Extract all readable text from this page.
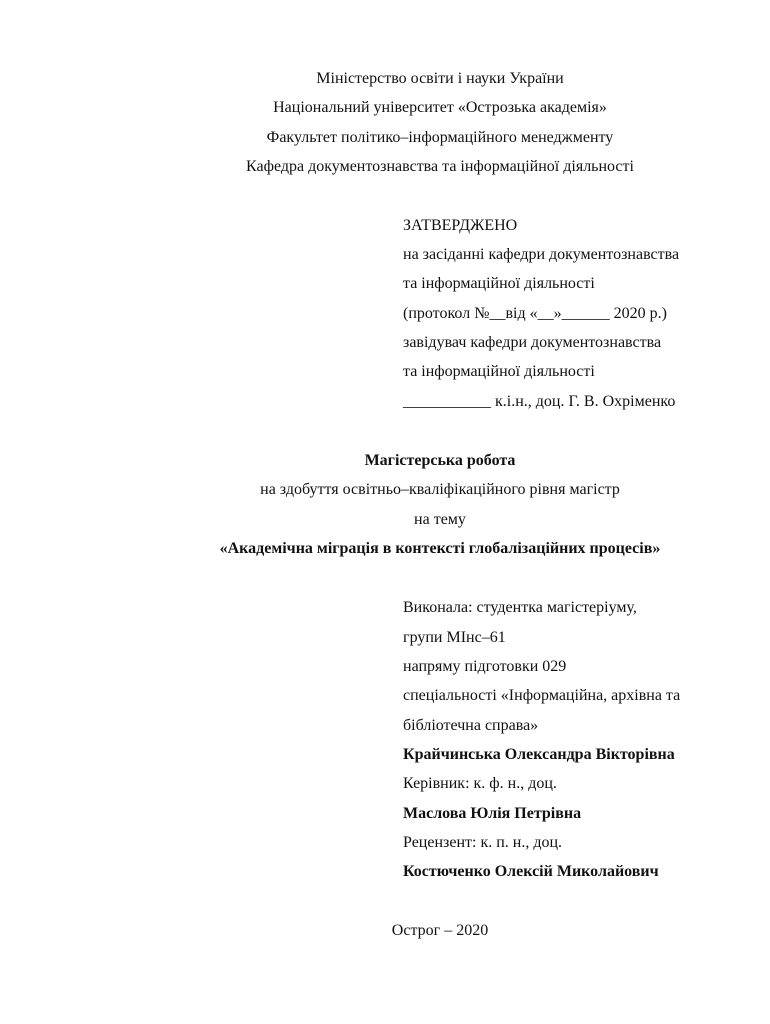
Міністерство освіти і науки України
Національний університет «Острозька академія»
Факультет політико–інформаційного менеджменту
Кафедра документознавства та інформаційної діяльності
ЗАТВЕРДЖЕНО
на засіданні кафедри документознавства
та інформаційної діяльності
(протокол №__від «__»______ 2020 р.)
завідувач кафедри документознавства
та інформаційної діяльності
___________ к.і.н., доц. Г. В. Охріменко
Магістерська робота
на здобуття освітньо–кваліфікаційного рівня магістр
на тему
«Академічна міграція в контексті глобалізаційних процесів»
Виконала: студентка магістеріуму,
групи МІнс–61
напряму підготовки 029
спеціальності «Інформаційна, архівна та
бібліотечна справа»
Крайчинська Олександра Вікторівна
Керівник: к. ф. н., доц.
Маслова Юлія Петрівна
Рецензент: к. п. н., доц.
Костюченко Олексій Миколайович
Острог – 2020
